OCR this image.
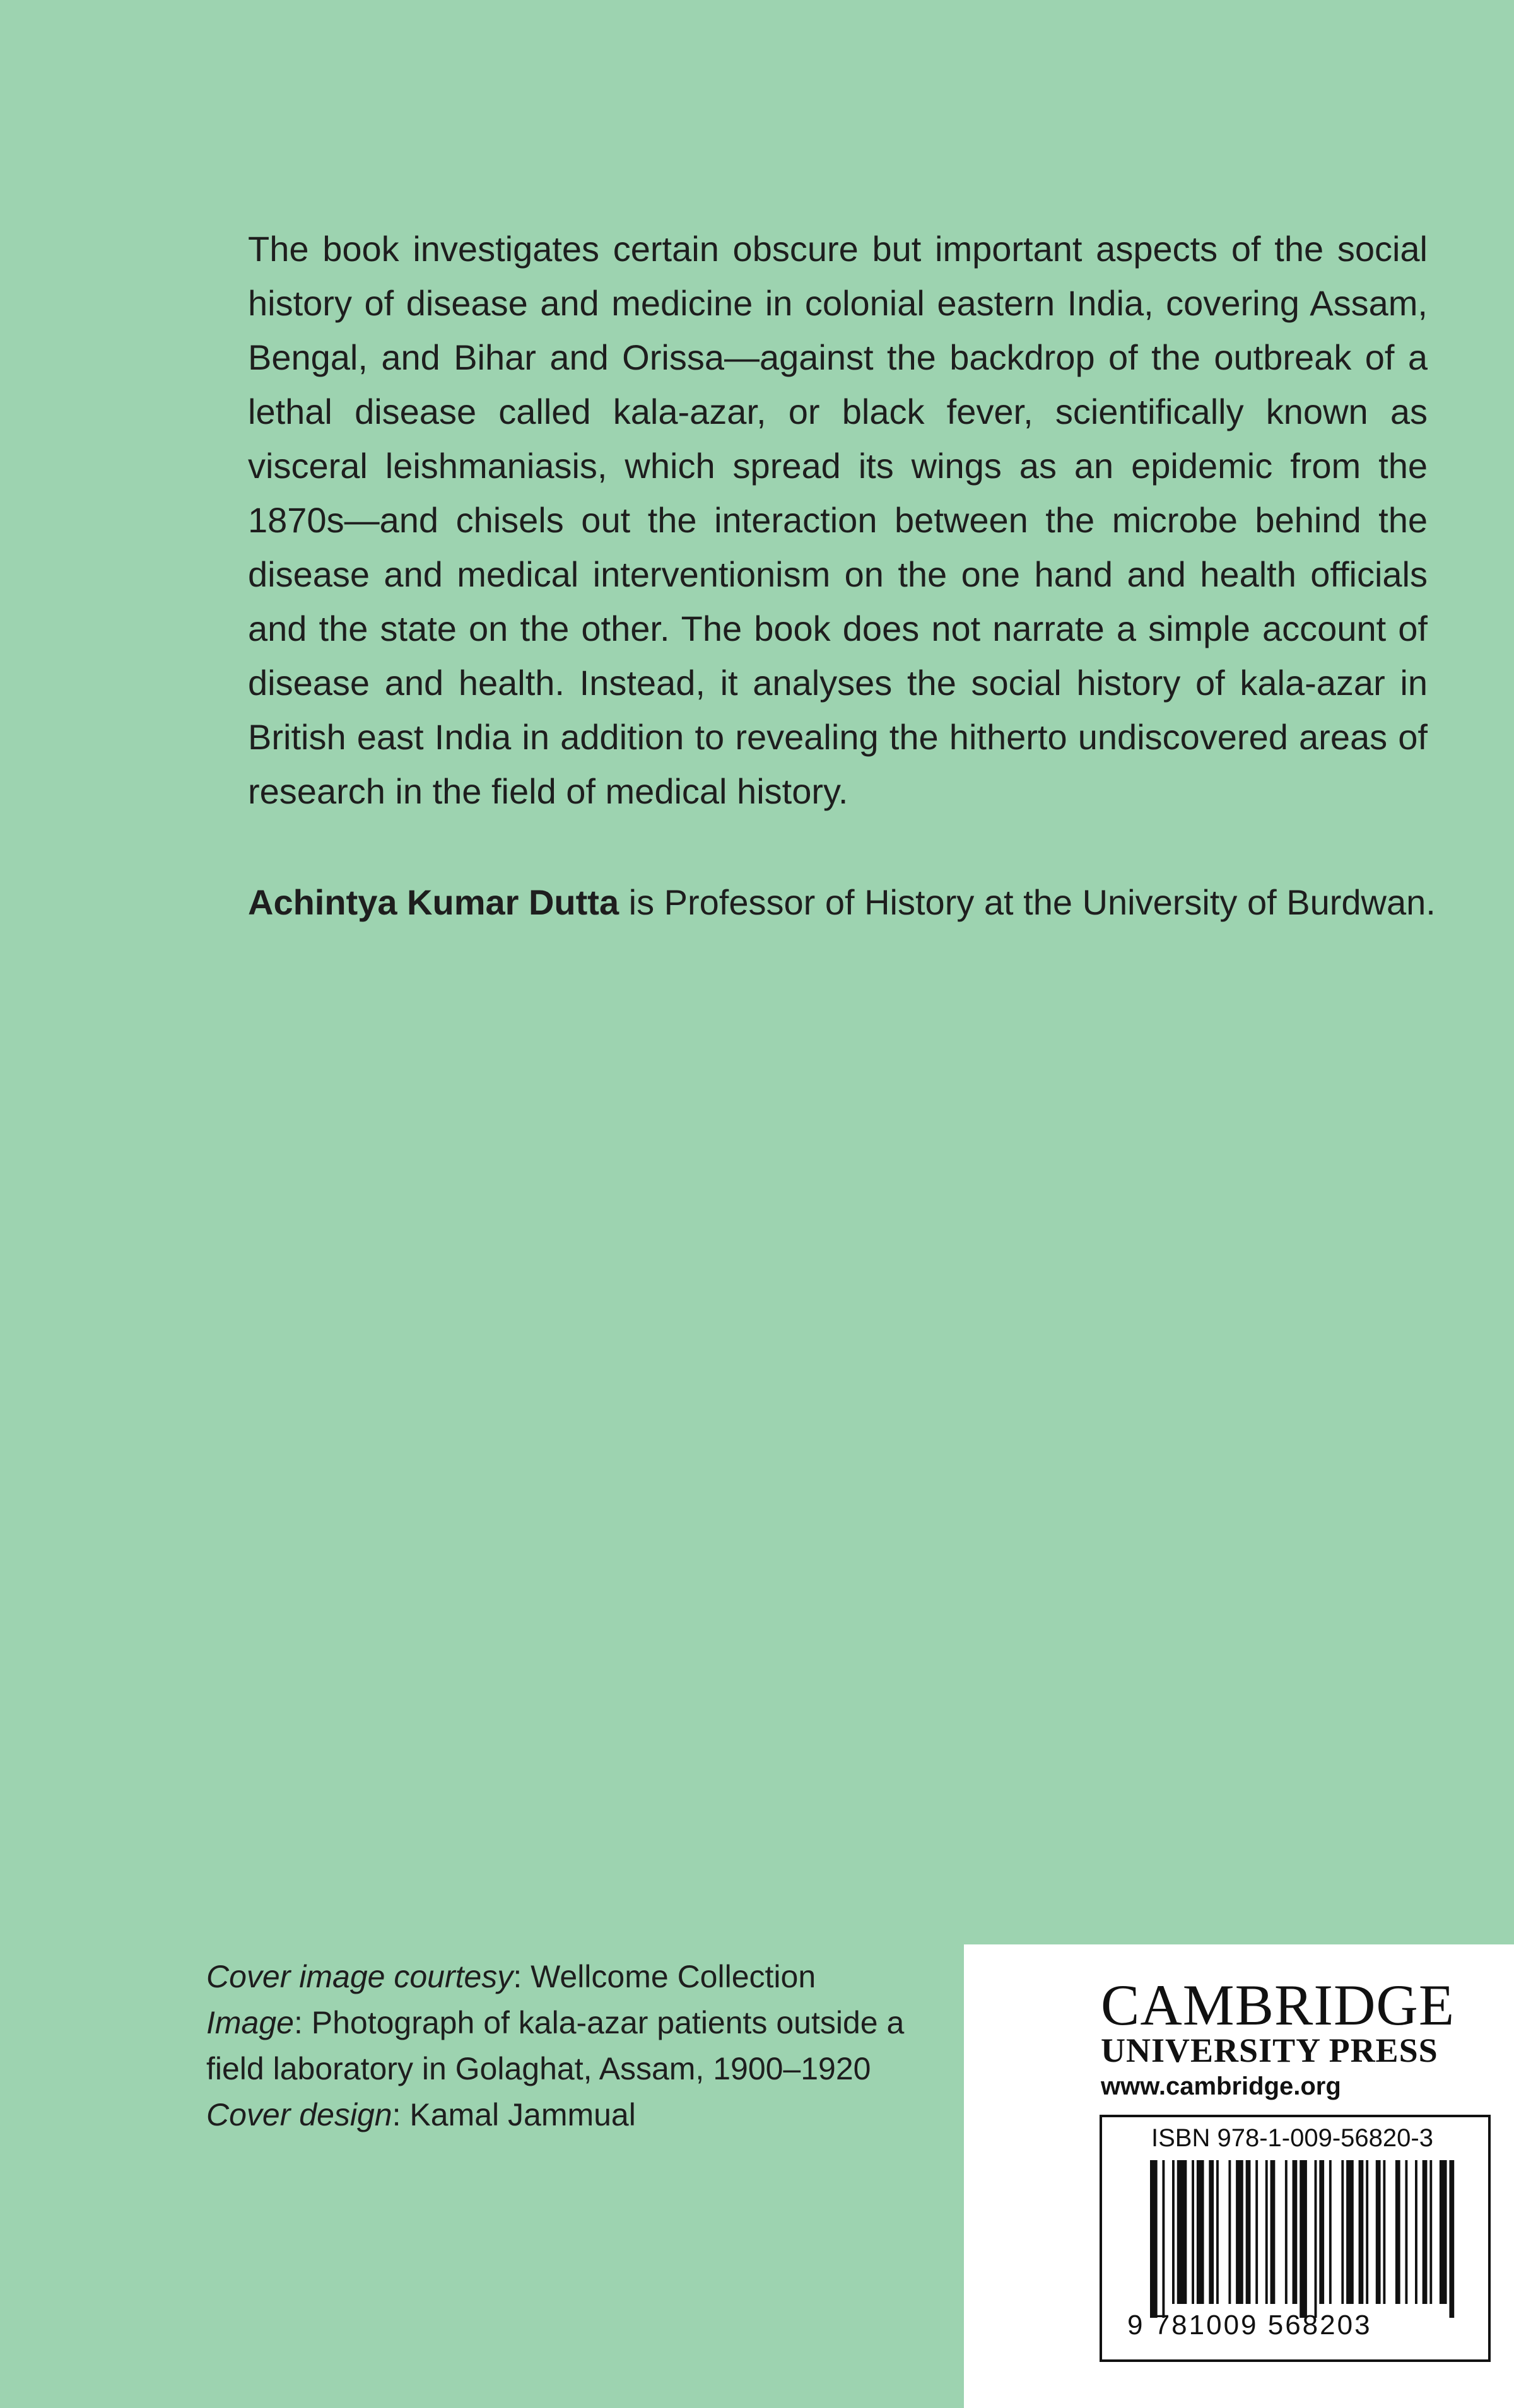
The book investigates certain obscure but important aspects of the social history of disease and medicine in colonial eastern India, covering Assam, Bengal, and Bihar and Orissa—against the backdrop of the outbreak of a lethal disease called kala-azar, or black fever, scientifically known as visceral leishmaniasis, which spread its wings as an epidemic from the 1870s—and chisels out the interaction between the microbe behind the disease and medical interventionism on the one hand and health officials and the state on the other. The book does not narrate a simple account of disease and health. Instead, it analyses the social history of kala-azar in British east India in addition to revealing the hitherto undiscovered areas of research in the field of medical history.

Achintya Kumar Dutta is Professor of History at the University of Burdwan.

Cover image courtesy: Wellcome Collection

Image: Photograph of kala-azar patients outside a field laboratory in Golaghat, Assam, 1900–1920

Cover design: Kamal Jammual

CAMBRIDGE
UNIVERSITY PRESS
www.cambridge.org
ISBN 978-1-009-56820-3
9 781009 568203
